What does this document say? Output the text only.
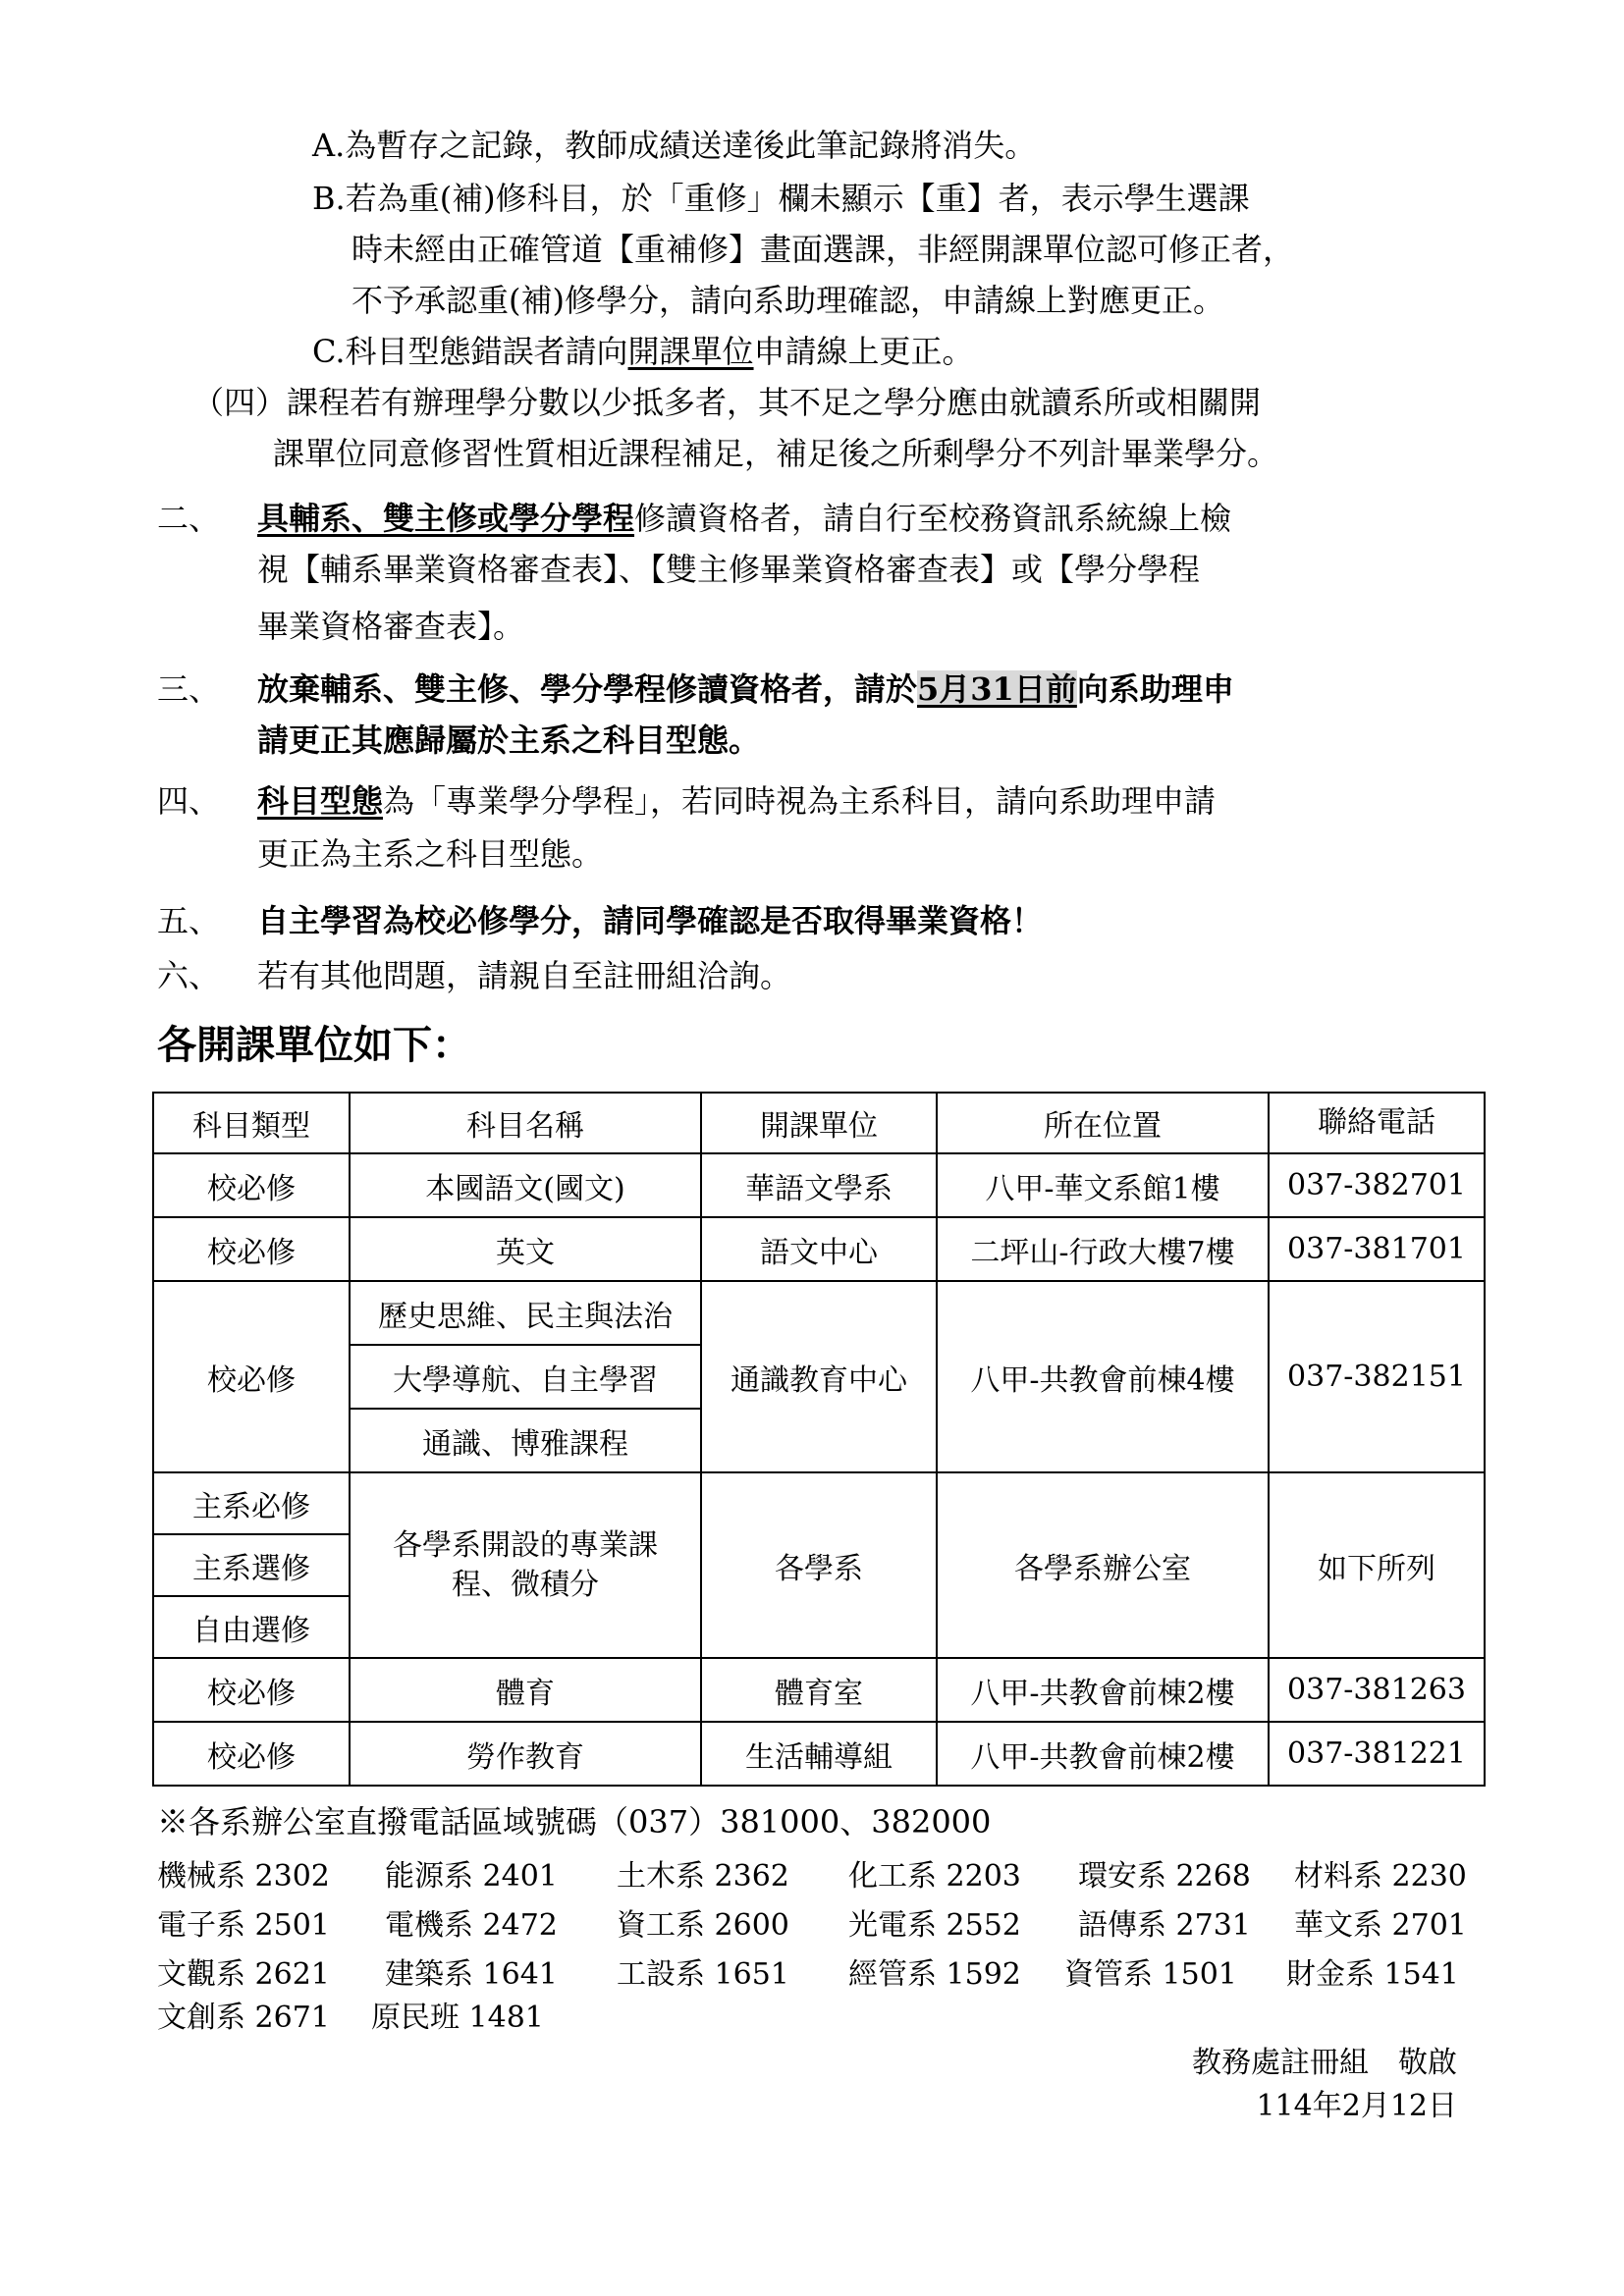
A.為暫存之記錄，教師成績送達後此筆記錄將消失。
B.若為重(補)修科目，於「重修」欄未顯示【重】者，表示學生選課
時未經由正確管道【重補修】畫面選課，非經開課單位認可修正者，
不予承認重(補)修學分，請向系助理確認，申請線上對應更正。
C.科目型態錯誤者請向開課單位申請線上更正。
（四）課程若有辦理學分數以少抵多者，其不足之學分應由就讀系所或相關開
課單位同意修習性質相近課程補足，補足後之所剩學分不列計畢業學分。
二、 具輔系、雙主修或學分學程修讀資格者，請自行至校務資訊系統線上檢
視【輔系畢業資格審查表】、【雙主修畢業資格審查表】或【學分學程
畢業資格審查表】。
三、 放棄輔系、雙主修、學分學程修讀資格者，請於5月31日前向系助理申
請更正其應歸屬於主系之科目型態。
四、 科目型態為「專業學分學程」，若同時視為主系科目，請向系助理申請
更正為主系之科目型態。
五、 自主學習為校必修學分，請同學確認是否取得畢業資格！
六、 若有其他問題，請親自至註冊組洽詢。
各開課單位如下：
科目類型	科目名稱	開課單位	所在位置	聯絡電話
校必修	本國語文(國文)	華語文學系	八甲-華文系館1樓	037-382701
校必修	英文	語文中心	二坪山-行政大樓7樓	037-381701
校必修	歷史思維、民主與法治	通識教育中心	八甲-共教會前棟4樓	037-382151
	大學導航、自主學習			
	通識、博雅課程			
主系必修	各學系開設的專業課程、微積分	各學系	各學系辦公室	如下所列
主系選修				
自由選修				
校必修	體育	體育室	八甲-共教會前棟2樓	037-381263
校必修	勞作教育	生活輔導組	八甲-共教會前棟2樓	037-381221
※各系辦公室直撥電話區域號碼（037）381000、382000
機械系 2302 能源系 2401 土木系 2362 化工系 2203 環安系 2268 材料系 2230
電子系 2501 電機系 2472 資工系 2600 光電系 2552 語傳系 2731 華文系 2701
文觀系 2621 建築系 1641 工設系 1651 經管系 1592 資管系 1501 財金系 1541
文創系 2671 原民班 1481
教務處註冊組　敬啟
114年2月12日
